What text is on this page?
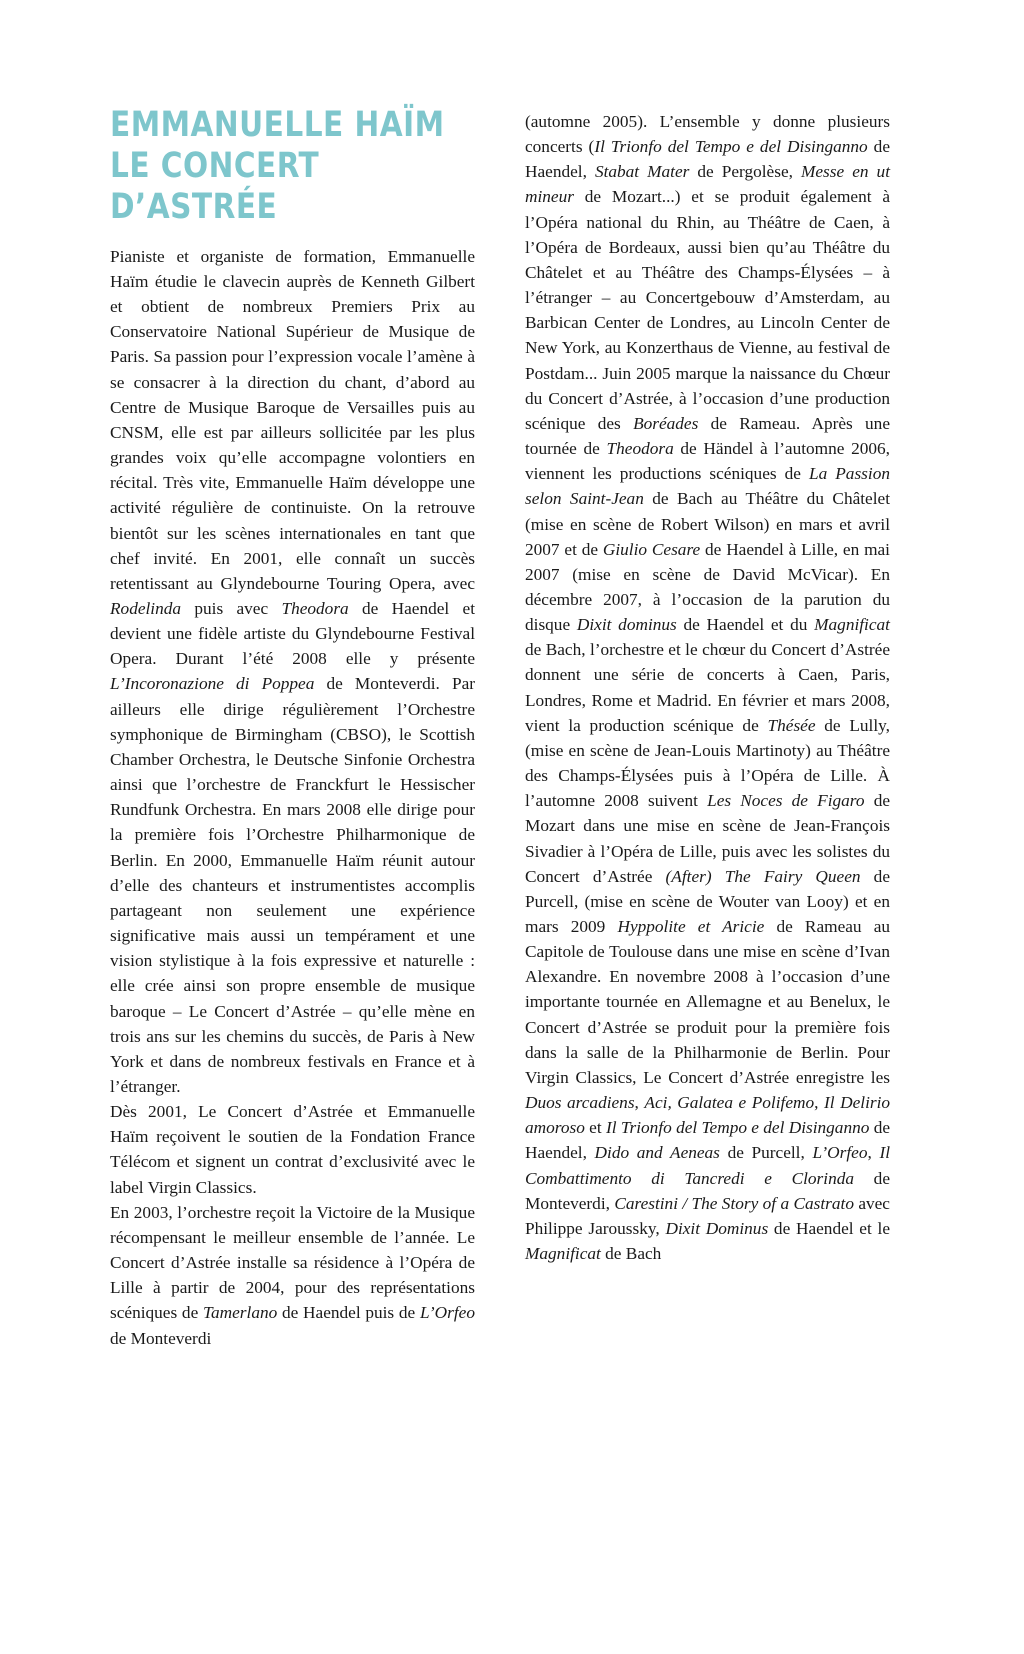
EMMANUELLE HAÏM
LE CONCERT D’ASTRÉE

Pianiste et organiste de formation, Emmanuelle Haïm étudie le clavecin auprès de Kenneth Gilbert et obtient de nombreux Premiers Prix au Conservatoire National Supérieur de Musique de Paris. Sa passion pour l’expression vocale l’amène à se consacrer à la direction du chant, d’abord au Centre de Musique Baroque de Versailles puis au CNSM, elle est par ailleurs sollicitée par les plus grandes voix qu’elle accompagne volontiers en récital. Très vite, Emmanuelle Haïm développe une activité régulière de continuiste. On la retrouve bientôt sur les scènes internationales en tant que chef invité. En 2001, elle connaît un succès retentissant au Glyndebourne Touring Opera, avec Rodelinda puis avec Theodora de Haendel et devient une fidèle artiste du Glyndebourne Festival Opera. Durant l’été 2008 elle y présente L’Incoronazione di Poppea de Monteverdi. Par ailleurs elle dirige régulièrement l’Orchestre symphonique de Birmingham (CBSO), le Scottish Chamber Orchestra, le Deutsche Sinfonie Orchestra ainsi que l’orchestre de Franckfurt le Hessischer Rundfunk Orchestra. En mars 2008 elle dirige pour la première fois l’Orchestre Philharmonique de Berlin. En 2000, Emmanuelle Haïm réunit autour d’elle des chanteurs et instrumentistes accomplis partageant non seulement une expérience significative mais aussi un tempérament et une vision stylistique à la fois expressive et naturelle : elle crée ainsi son propre ensemble de musique baroque – Le Concert d’Astrée – qu’elle mène en trois ans sur les chemins du succès, de Paris à New York et dans de nombreux festivals en France et à l’étranger.

Dès 2001, Le Concert d’Astrée et Emmanuelle Haïm reçoivent le soutien de la Fondation France Télécom et signent un contrat d’exclusivité avec le label Virgin Classics.

En 2003, l’orchestre reçoit la Victoire de la Musique récompensant le meilleur ensemble de l’année. Le Concert d’Astrée installe sa résidence à l’Opéra de Lille à partir de 2004, pour des représentations scéniques de Tamerlano de Haendel puis de L’Orfeo de Monteverdi

(automne 2005). L’ensemble y donne plusieurs concerts (Il Trionfo del Tempo e del Disinganno de Haendel, Stabat Mater de Pergolèse, Messe en ut mineur de Mozart...) et se produit également à l’Opéra national du Rhin, au Théâtre de Caen, à l’Opéra de Bordeaux, aussi bien qu’au Théâtre du Châtelet et au Théâtre des Champs-Élysées – à l’étranger – au Concertgebouw d’Amsterdam, au Barbican Center de Londres, au Lincoln Center de New York, au Konzerthaus de Vienne, au festival de Postdam... Juin 2005 marque la naissance du Chœur du Concert d’Astrée, à l’occasion d’une production scénique des Boréades de Rameau. Après une tournée de Theodora de Händel à l’automne 2006, viennent les productions scéniques de La Passion selon Saint-Jean de Bach au Théâtre du Châtelet (mise en scène de Robert Wilson) en mars et avril 2007 et de Giulio Cesare de Haendel à Lille, en mai 2007 (mise en scène de David McVicar). En décembre 2007, à l’occasion de la parution du disque Dixit dominus de Haendel et du Magnificat de Bach, l’orchestre et le chœur du Concert d’Astrée donnent une série de concerts à Caen, Paris, Londres, Rome et Madrid. En février et mars 2008, vient la production scénique de Thésée de Lully, (mise en scène de Jean-Louis Martinoty) au Théâtre des Champs-Élysées puis à l’Opéra de Lille. À l’automne 2008 suivent Les Noces de Figaro de Mozart dans une mise en scène de Jean-François Sivadier à l’Opéra de Lille, puis avec les solistes du Concert d’Astrée (After) The Fairy Queen de Purcell, (mise en scène de Wouter van Looy) et en mars 2009 Hyppolite et Aricie de Rameau au Capitole de Toulouse dans une mise en scène d’Ivan Alexandre. En novembre 2008 à l’occasion d’une importante tournée en Allemagne et au Benelux, le Concert d’Astrée se produit pour la première fois dans la salle de la Philharmonie de Berlin. Pour Virgin Classics, Le Concert d’Astrée enregistre les Duos arcadiens, Aci, Galatea e Polifemo, Il Delirio amoroso et Il Trionfo del Tempo e del Disinganno de Haendel, Dido and Aeneas de Purcell, L’Orfeo, Il Combattimento di Tancredi e Clorinda de Monteverdi, Carestini / The Story of a Castrato avec Philippe Jaroussky, Dixit Dominus de Haendel et le Magnificat de Bach
